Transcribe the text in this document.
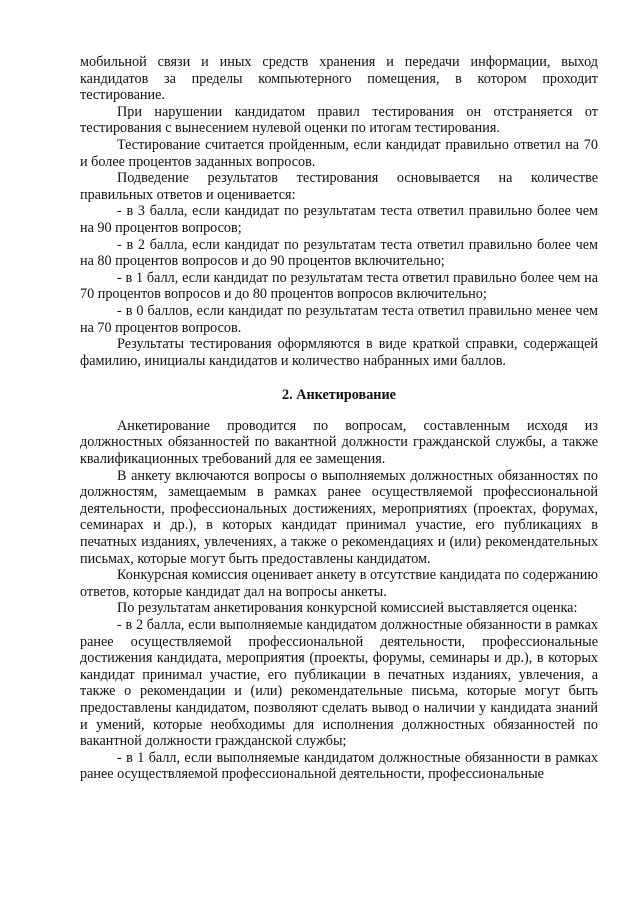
мобильной связи и иных средств хранения и передачи информации, выход кандидатов за пределы компьютерного помещения, в котором проходит тестирование.

При нарушении кандидатом правил тестирования он отстраняется от тестирования с вынесением нулевой оценки по итогам тестирования.

Тестирование считается пройденным, если кандидат правильно ответил на 70 и более процентов заданных вопросов.

Подведение результатов тестирования основывается на количестве правильных ответов и оценивается:

- в 3 балла, если кандидат по результатам теста ответил правильно более чем на 90 процентов вопросов;

- в 2 балла, если кандидат по результатам теста ответил правильно более чем на 80 процентов вопросов и до 90 процентов включительно;

- в 1 балл, если кандидат по результатам теста ответил правильно более чем на 70 процентов вопросов и до 80 процентов вопросов включительно;

- в 0 баллов, если кандидат по результатам теста ответил правильно менее чем на 70 процентов вопросов.

Результаты тестирования оформляются в виде краткой справки, содержащей фамилию, инициалы кандидатов и количество набранных ими баллов.

2. Анкетирование

Анкетирование проводится по вопросам, составленным исходя из должностных обязанностей по вакантной должности гражданской службы, а также квалификационных требований для ее замещения.

В анкету включаются вопросы о выполняемых должностных обязанностях по должностям, замещаемым в рамках ранее осуществляемой профессиональной деятельности, профессиональных достижениях, мероприятиях (проектах, форумах, семинарах и др.), в которых кандидат принимал участие, его публикациях в печатных изданиях, увлечениях, а также о рекомендациях и (или) рекомендательных письмах, которые могут быть предоставлены кандидатом.

Конкурсная комиссия оценивает анкету в отсутствие кандидата по содержанию ответов, которые кандидат дал на вопросы анкеты.

По результатам анкетирования конкурсной комиссией выставляется оценка:

- в 2 балла, если выполняемые кандидатом должностные обязанности в рамках ранее осуществляемой профессиональной деятельности, профессиональные достижения кандидата, мероприятия (проекты, форумы, семинары и др.), в которых кандидат принимал участие, его публикации в печатных изданиях, увлечения, а также о рекомендации и (или) рекомендательные письма, которые могут быть предоставлены кандидатом, позволяют сделать вывод о наличии у кандидата знаний и умений, которые необходимы для исполнения должностных обязанностей по вакантной должности гражданской службы;

- в 1 балл, если выполняемые кандидатом должностные обязанности в рамках ранее осуществляемой профессиональной деятельности, профессиональные
